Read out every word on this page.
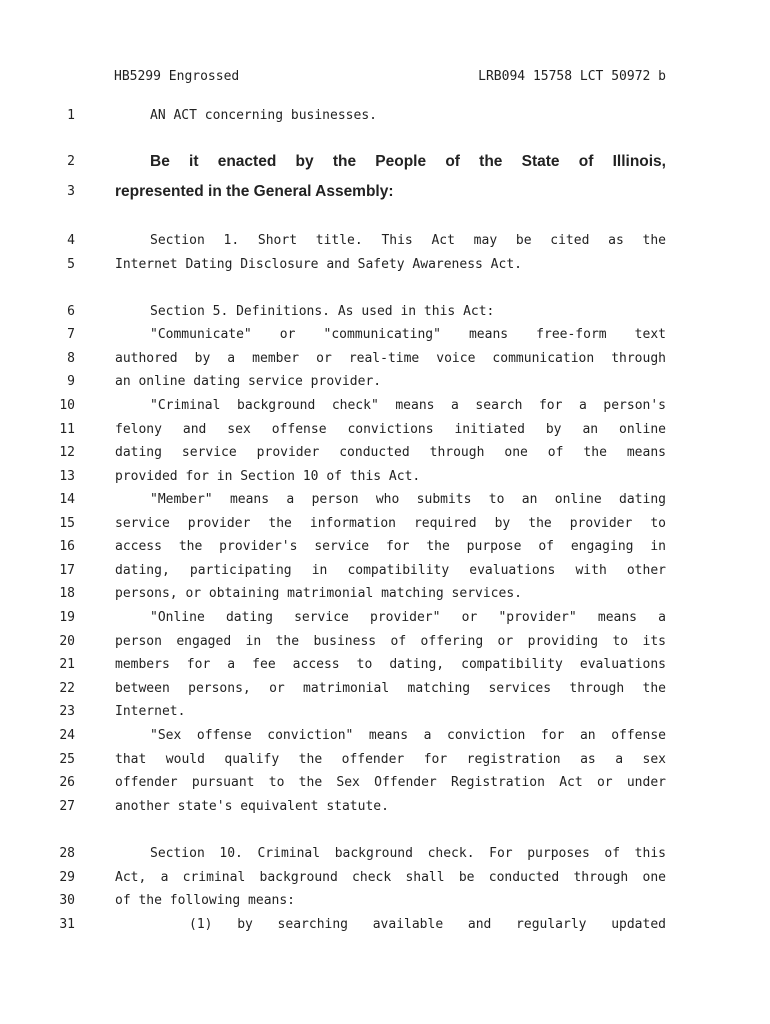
HB5299 Engrossed	LRB094 15758 LCT 50972 b
1	AN ACT concerning businesses.
2	Be it enacted by the People of the State of Illinois,
3	represented in the General Assembly:
4	Section 1. Short title. This Act may be cited as the
5	Internet Dating Disclosure and Safety Awareness Act.
6	Section 5. Definitions. As used in this Act:
7	"Communicate" or "communicating" means free-form text
8	authored by a member or real-time voice communication through
9	an online dating service provider.
10	"Criminal background check" means a search for a person's
11	felony and sex offense convictions initiated by an online
12	dating service provider conducted through one of the means
13	provided for in Section 10 of this Act.
14	"Member" means a person who submits to an online dating
15	service provider the information required by the provider to
16	access the provider's service for the purpose of engaging in
17	dating, participating in compatibility evaluations with other
18	persons, or obtaining matrimonial matching services.
19	"Online dating service provider" or "provider" means a
20	person engaged in the business of offering or providing to its
21	members for a fee access to dating, compatibility evaluations
22	between persons, or matrimonial matching services through the
23	Internet.
24	"Sex offense conviction" means a conviction for an offense
25	that would qualify the offender for registration as a sex
26	offender pursuant to the Sex Offender Registration Act or under
27	another state's equivalent statute.
28	Section 10. Criminal background check. For purposes of this
29	Act, a criminal background check shall be conducted through one
30	of the following means:
31	(1) by searching available and regularly updated
